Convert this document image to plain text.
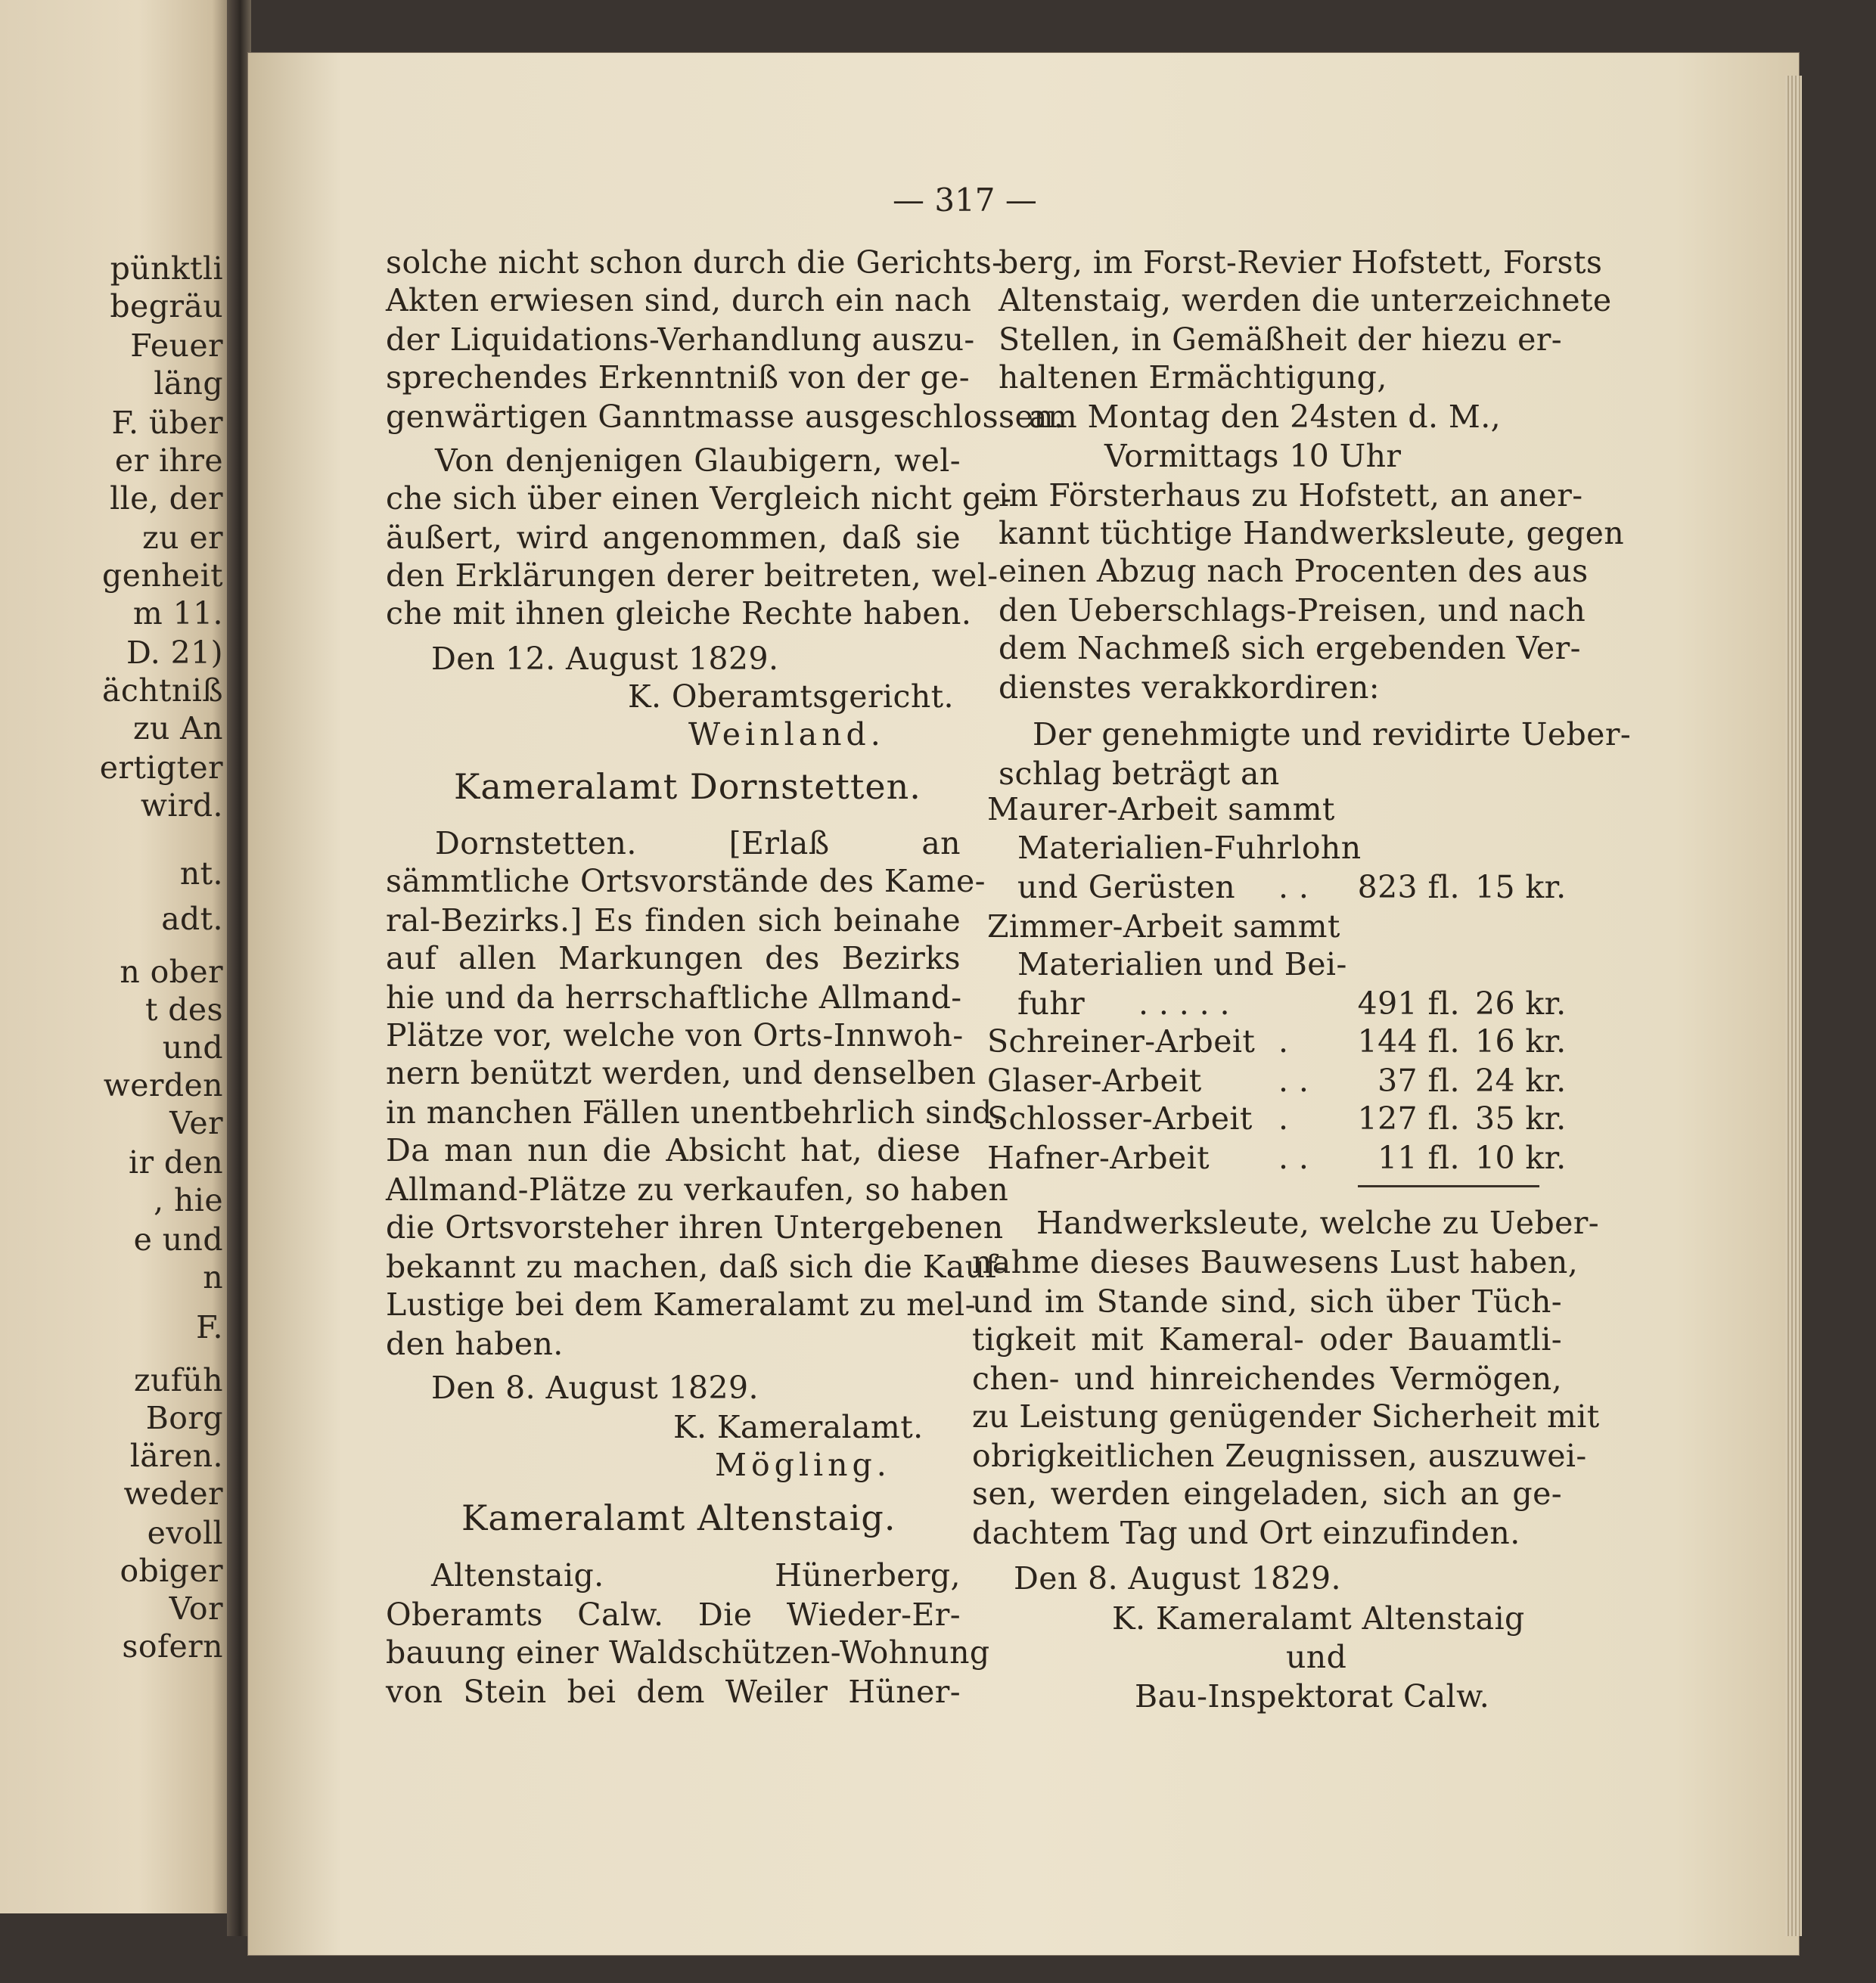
— 317 —
pünktli
begräu
Feuer
läng
F. über
er ihre
lle, der
zu er
genheit
m 11.
D. 21)
ächtniß
zu An
ertigter
wird.
nt.
adt.
n ober
t des
und
werden
Ver
ir den
, hie
e und
n
F.
zufüh
Borg
lären.
weder
evoll
obiger
Vor
sofern
solche nicht schon durch die Gerichts-
Akten erwiesen sind, durch ein nach
der Liquidations-Verhandlung auszu-
sprechendes Erkenntniß von der ge-
genwärtigen Ganntmasse ausgeschlossen.
Von denjenigen Glaubigern, wel-
che sich über einen Vergleich nicht ge-
äußert, wird angenommen, daß sie
den Erklärungen derer beitreten, wel-
che mit ihnen gleiche Rechte haben.
Den 12. August 1829.
K. Oberamtsgericht.
Weinland.
Kameralamt Dornstetten.
Dornstetten. [Erlaß an
sämmtliche Ortsvorstände des Kame-
ral-Bezirks.] Es finden sich beinahe
auf allen Markungen des Bezirks
hie und da herrschaftliche Allmand-
Plätze vor, welche von Orts-Innwoh-
nern benützt werden, und denselben
in manchen Fällen unentbehrlich sind.
Da man nun die Absicht hat, diese
Allmand-Plätze zu verkaufen, so haben
die Ortsvorsteher ihren Untergebenen
bekannt zu machen, daß sich die Kauf-
Lustige bei dem Kameralamt zu mel-
den haben.
Den 8. August 1829.
K. Kameralamt.
Mögling.
Kameralamt Altenstaig.
Altenstaig. Hünerberg,
Oberamts Calw. Die Wieder-Er-
bauung einer Waldschützen-Wohnung
von Stein bei dem Weiler Hüner-
berg, im Forst-Revier Hofstett, Forsts
Altenstaig, werden die unterzeichnete
Stellen, in Gemäßheit der hiezu er-
haltenen Ermächtigung,
am Montag den 24sten d. M.,
Vormittags 10 Uhr
im Försterhaus zu Hofstett, an aner-
kannt tüchtige Handwerksleute, gegen
einen Abzug nach Procenten des aus
den Ueberschlags-Preisen, und nach
dem Nachmeß sich ergebenden Ver-
dienstes verakkordiren:
Der genehmigte und revidirte Ueber-
schlag beträgt an
Handwerksleute, welche zu Ueber-
nahme dieses Bauwesens Lust haben,
und im Stande sind, sich über Tüch-
tigkeit mit Kameral- oder Bauamtli-
chen- und hinreichendes Vermögen,
zu Leistung genügender Sicherheit mit
obrigkeitlichen Zeugnissen, auszuwei-
sen, werden eingeladen, sich an ge-
dachtem Tag und Ort einzufinden.
Den 8. August 1829.
K. Kameralamt Altenstaig
und
Bau-Inspektorat Calw.
Maurer-Arbeit sammt
Materialien-Fuhrlohn
und Gerüsten . .	823 fl. 15 kr.
Zimmer-Arbeit sammt
Materialien und Bei-
fuhr . . . . .	491 fl. 26 kr.
Schreiner-Arbeit .	144 fl. 16 kr.
Glaser-Arbeit . .	37 fl. 24 kr.
Schlosser-Arbeit .	127 fl. 35 kr.
Hafner-Arbeit . .	11 fl. 10 kr.
